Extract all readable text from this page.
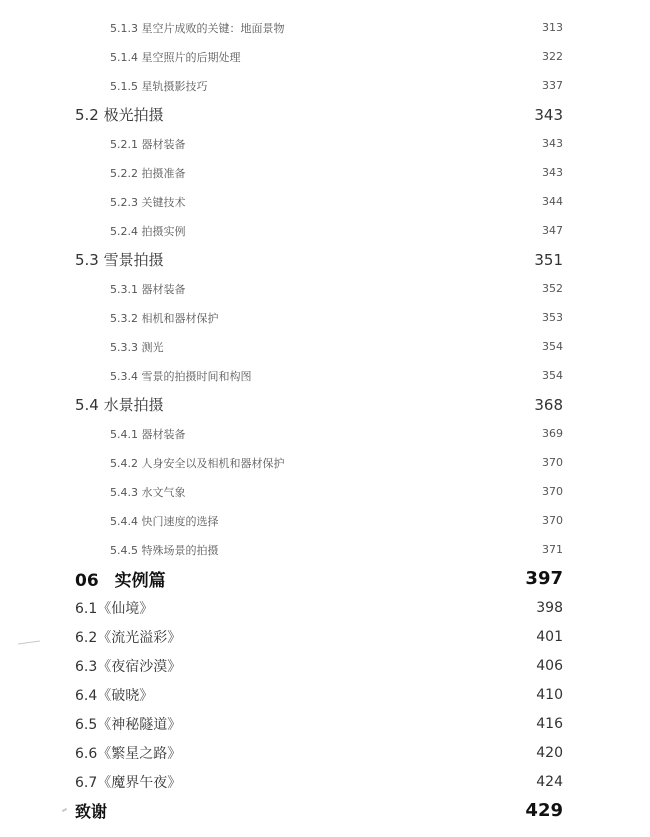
5.1.3 星空片成败的关键：地面景物	313
5.1.4 星空照片的后期处理	322
5.1.5 星轨摄影技巧	337
5.2 极光拍摄	343
5.2.1 器材装备	343
5.2.2 拍摄准备	343
5.2.3 关键技术	344
5.2.4 拍摄实例	347
5.3 雪景拍摄	351
5.3.1 器材装备	352
5.3.2 相机和器材保护	353
5.3.3 测光	354
5.3.4 雪景的拍摄时间和构图	354
5.4 水景拍摄	368
5.4.1 器材装备	369
5.4.2 人身安全以及相机和器材保护	370
5.4.3 水文气象	370
5.4.4 快门速度的选择	370
5.4.5 特殊场景的拍摄	371
06 实例篇	397
6.1《仙境》	398
6.2《流光溢彩》	401
6.3《夜宿沙漠》	406
6.4《破晓》	410
6.5《神秘隧道》	416
6.6《繁星之路》	420
6.7《魔界午夜》	424
致谢	429
